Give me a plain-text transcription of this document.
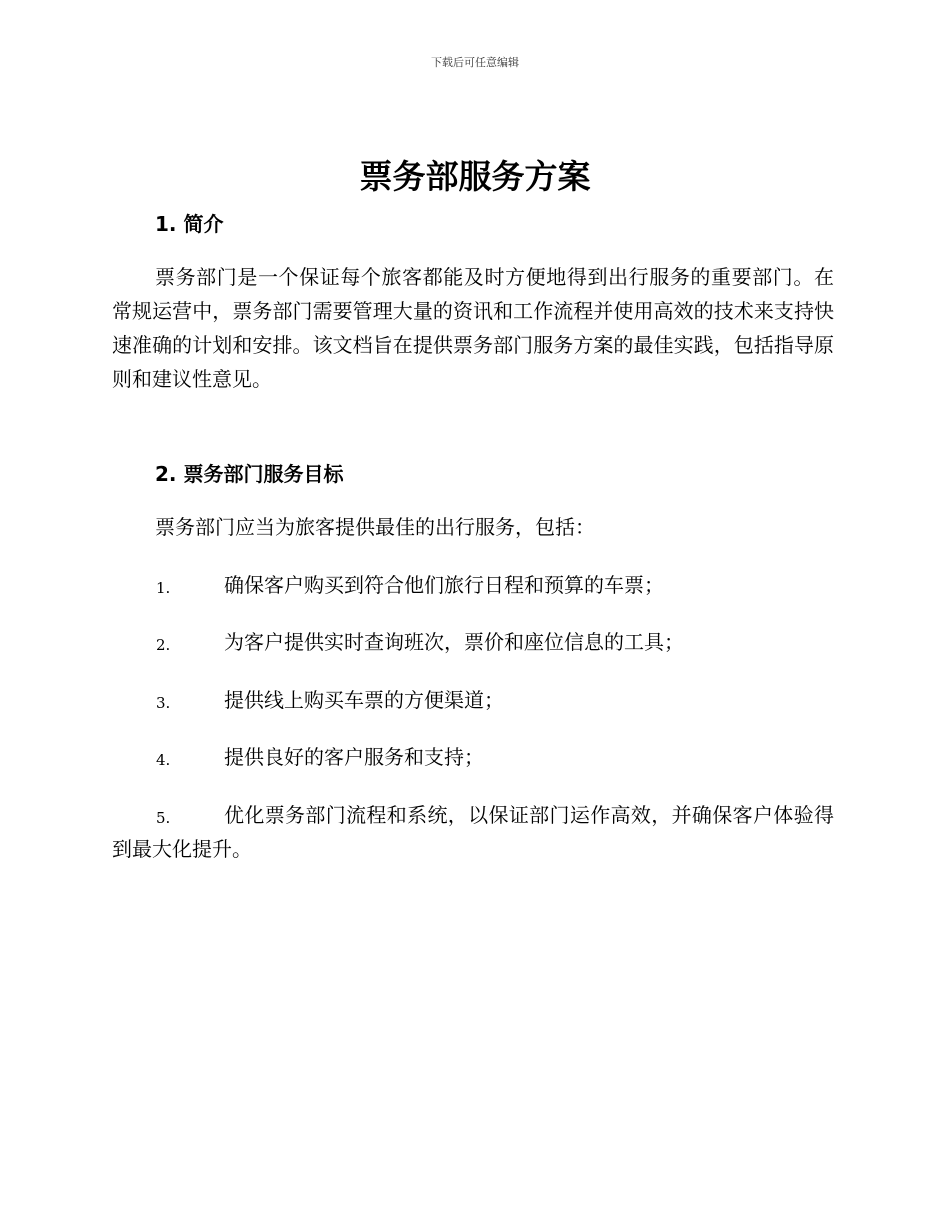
下载后可任意编辑
票务部服务方案
1. 简介
票务部门是一个保证每个旅客都能及时方便地得到出行服务的重要部门。在常规运营中，票务部门需要管理大量的资讯和工作流程并使用高效的技术来支持快速准确的计划和安排。该文档旨在提供票务部门服务方案的最佳实践，包括指导原则和建议性意见。
2. 票务部门服务目标
票务部门应当为旅客提供最佳的出行服务，包括：
1.	确保客户购买到符合他们旅行日程和预算的车票；
2.	为客户提供实时查询班次，票价和座位信息的工具；
3.	提供线上购买车票的方便渠道；
4.	提供良好的客户服务和支持；
5.	优化票务部门流程和系统，以保证部门运作高效，并确保客户体验得到最大化提升。
